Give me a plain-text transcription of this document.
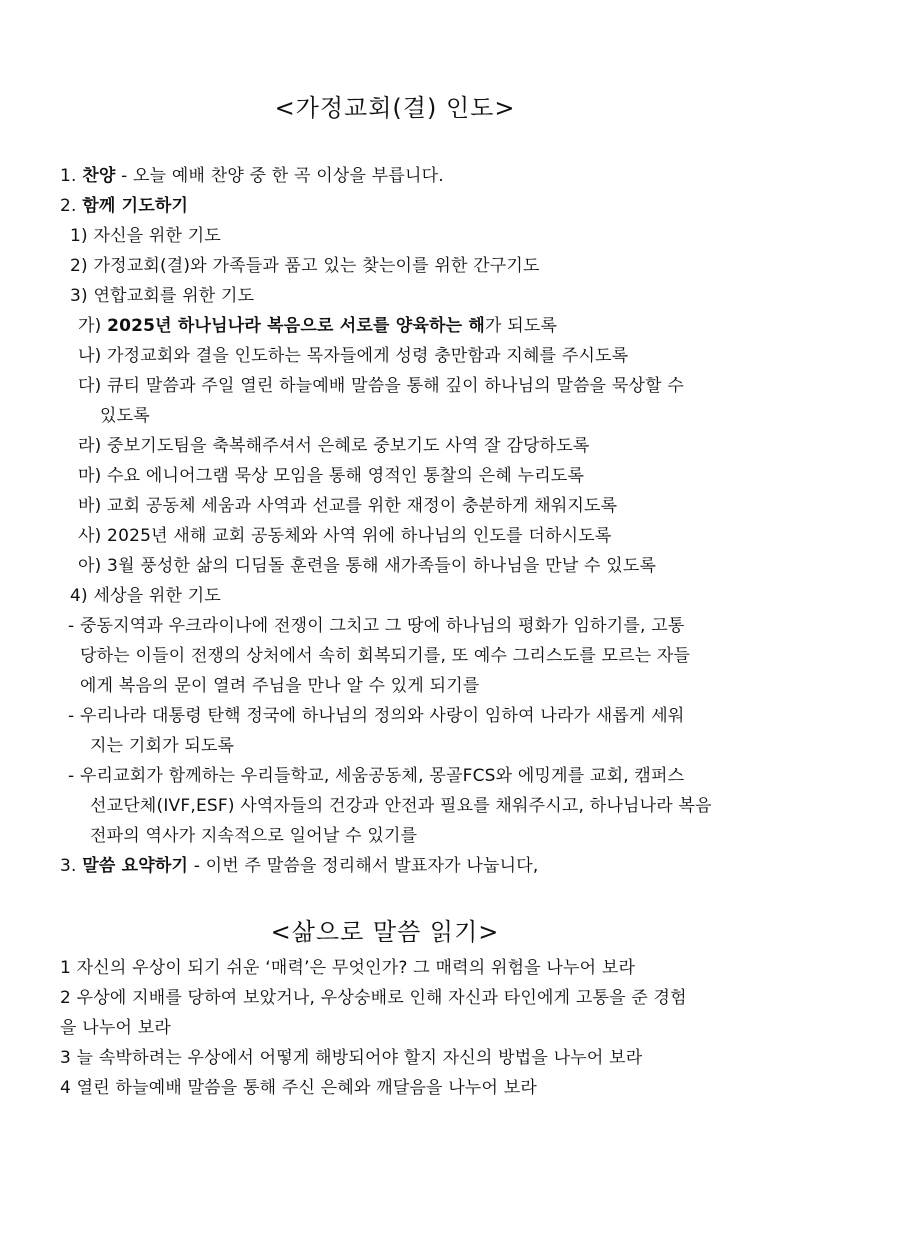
<가정교회(결) 인도>
1. 찬양 - 오늘 예배 찬양 중 한 곡 이상을 부릅니다.
2. 함께 기도하기
1) 자신을 위한 기도
2) 가정교회(결)와 가족들과 품고 있는 찾는이를 위한 간구기도
3) 연합교회를 위한 기도
가) 2025년 하나님나라 복음으로 서로를 양육하는 해가 되도록
나) 가정교회와 결을 인도하는 목자들에게 성령 충만함과 지혜를 주시도록
다) 큐티 말씀과 주일 열린 하늘예배 말씀을 통해 깊이 하나님의 말씀을 묵상할 수
있도록
라) 중보기도팀을 축복해주셔서 은혜로 중보기도 사역 잘 감당하도록
마) 수요 에니어그램 묵상 모임을 통해 영적인 통찰의 은혜 누리도록
바) 교회 공동체 세움과 사역과 선교를 위한 재정이 충분하게 채워지도록
사) 2025년 새해 교회 공동체와 사역 위에 하나님의 인도를 더하시도록
아) 3월 풍성한 삶의 디딤돌 훈련을 통해 새가족들이 하나님을 만날 수 있도록
4) 세상을 위한 기도
- 중동지역과 우크라이나에 전쟁이 그치고 그 땅에 하나님의 평화가 임하기를, 고통
당하는 이들이 전쟁의 상처에서 속히 회복되기를, 또 예수 그리스도를 모르는 자들
에게 복음의 문이 열려 주님을 만나 알 수 있게 되기를
- 우리나라 대통령 탄핵 정국에 하나님의 정의와 사랑이 임하여 나라가 새롭게 세워
지는 기회가 되도록
- 우리교회가 함께하는 우리들학교, 세움공동체, 몽골FCS와 에밍게를 교회, 캠퍼스
선교단체(IVF,ESF) 사역자들의 건강과 안전과 필요를 채워주시고, 하나님나라 복음
전파의 역사가 지속적으로 일어날 수 있기를
3. 말씀 요약하기 - 이번 주 말씀을 정리해서 발표자가 나눕니다,
<삶으로 말씀 읽기>
1 자신의 우상이 되기 쉬운 ‘매력’은 무엇인가? 그 매력의 위험을 나누어 보라
2 우상에 지배를 당하여 보았거나, 우상숭배로 인해 자신과 타인에게 고통을 준 경험
을 나누어 보라
3 늘 속박하려는 우상에서 어떻게 해방되어야 할지 자신의 방법을 나누어 보라
4 열린 하늘예배 말씀을 통해 주신 은혜와 깨달음을 나누어 보라
